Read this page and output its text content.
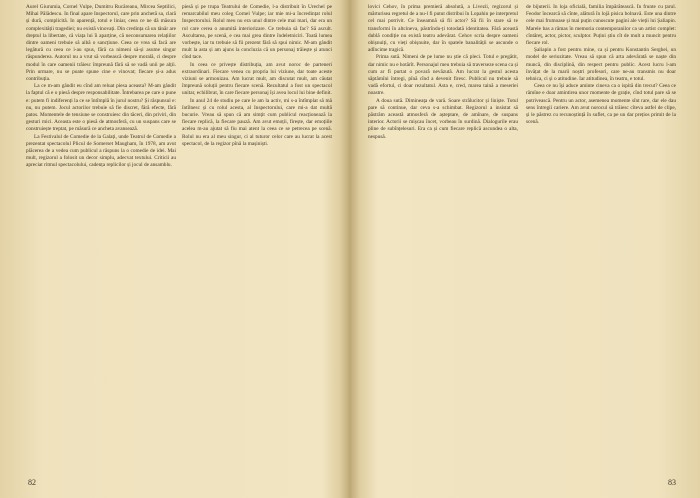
Aurel Giurumia, Cornel Vulpe, Dumitru Rucăreanu, Mircea Septilici, Mihai Pălădescu. In final apare Inspectorul, care prin anchetă sa, clară și dură, complicită. In aparență, totul e liniar, ceea ce ne dă măsura complexității tragediei; nu există vinovați. Din credința că un tânăr are dreptul la libertate, că viața lui îi aparține, că neconsumarea relațiilor dintre oameni trebuie să aibă o sancțiune. Ceea ce vrea să facă are legătură cu ceea ce i-au spus, fără ca nimeni să-și asume singur răspunderea. Autorul nu a vrut să vorbească despre morală, ci despre modul în care oamenii trăiesc împreună fără să se vadă unii pe alții. Prin urmare, nu se poate spune cine e vinovat; fiecare și-a adus contribuția.

La ce m-am gândit eu cînd am reluat piesa aceasta? M-am gândit la faptul că e o piesă despre responsabilitate. Întrebarea pe care o pune e: putem fi indiferenți la ce se întîmplă în jurul nostru? Și răspunsul e: nu, nu putem. Jocul actorilor trebuie să fie discret, fără efecte, fără patos. Momentele de tensiune se construiesc din tăceri, din priviri, din gesturi mici. Aceasta este o piesă de atmosferă, cu un suspans care se construiește treptat, pe măsură ce ancheta avansează.

La Festivalul de Comedie de la Galați, unde Teatrul de Comedie a prezentat spectacolul Plicul de Somerset Maugham, în 1978, am avut plăcerea de a vedea cum publicul a răspuns la o comedie de idei. Mai mult, regizorul a folosit un decor simplu, adecvat textului. Criticii au apreciat ritmul spectacolului, cadența replicilor și jocul de ansamblu.

piesă și pe trupa Teatrului de Comedie, l-a distribuit în Urechel pe remarcabilul meu coleg Cornel Vulpe; iar mie mi-a încredințat rolul Inspectorului. Rolul meu nu era unul dintre cele mai mari, dar era un rol care cerea o anumită interiorizare. Ce trebuia să fac? Să ascult. Ascultarea, pe scenă, e cea mai grea dintre îndeletniciri. Toată lumea vorbește, iar tu trebuie să fii prezent fără să spui nimic. M-am gândit mult la asta și am ajuns la concluzia că un personaj trăiește și atunci cînd tace.

In ceea ce privește distribuția, am avut noroc de parteneri extraordinari. Fiecare venea cu propria lui viziune, dar toate aceste viziuni se armonizau. Am lucrat mult, am discutat mult, am căutat împreună soluții pentru fiecare scenă. Rezultatul a fost un spectacol unitar, echilibrat, în care fiecare personaj își avea locul lui bine definit.

In anul 24 de studiu pe care le am la activ, mi s-a întîmplat să mă întîlnesc și cu rolul acesta, al Inspectorului, care mi-a dat multă bucurie. Vreau să spun că am simțit cum publicul reacționează la fiecare replică, la fiecare pauză. Am avut emoții, firește, dar emoțiile acelea m-au ajutat să fiu mai atent la ceea ce se petrecea pe scenă. Rolul nu era al meu singur, ci al tuturor celor care au lucrat la acest spectacol, de la regizor pînă la mașiniști.

82

lovici Cehov, în prima premieră absolută, a Livezii, regizorul și mărturisea regretul de a nu-l fi putut distribui în Lopahin pe interpretul cel mai potrivit. Ce înseamnă să fii actor? Să fii în stare să te transformi în altcineva, păstrîndu-ți totodată identitatea. Fără această dublă condiție nu există teatru adevărat. Cehov scria despre oameni obișnuiți, cu vieți obișnuite, dar în spatele banalității se ascunde o adîncime tragică.

Prima sută. Nimeni de pe lume nu știe că pleci. Totul e pregătit, dar nimic nu e hotărît. Personajul meu trebuia să traverseze scena ca și cum ar fi purtat o povară nevăzută. Am lucrat la gestul acesta săptămîni întregi, pînă cînd a devenit firesc. Publicul nu trebuie să vadă efortul, ci doar rezultatul. Asta e, cred, marea taină a meseriei noastre.

A doua sută. Dimineața de vară. Soare strălucitor și liniște. Totul pare să continue, dar ceva s-a schimbat. Regizorul a insistat să păstrăm această atmosferă de așteptare, de amînare, de suspans interior. Actorii se mișcau încet, vorbeau în surdină. Dialogurile erau pline de subînțelesuri. Era ca și cum fiecare replică ascundea o alta, nespusă.

de bijuterii. In loja oficială, familia împărătească. În frunte cu țarul. Feodor încearcă să cînte, alătură în lojă pisica bolnavă. Este una dintre cele mai frumoase și mai puțin cunoscute pagini ale vieții lui Șaliapin. Marele bas a rămas în memoria contemporanilor ca un artist complet: cîntăreț, actor, pictor, sculptor. Puțini știu cît de mult a muncit pentru fiecare rol.

Șaliapin a fost pentru mine, ca și pentru Konstantin Serghei, un model de seriozitate. Vreau să spun că arta adevărată se naște din muncă, din disciplină, din respect pentru public. Acest lucru l-am învățat de la marii noștri profesori, care ne-au transmis nu doar tehnica, ci și o atitudine. Iar atitudinea, în teatru, e totul.

Ceea ce nu își aduce aminte cineva ca o ispită din trecut? Ceea ce rămîne e doar amintirea unor momente de grație, cînd totul pare să se potrivească. Pentru un actor, asemenea momente sînt rare, dar ele dau sens întregii cariere. Am avut norocul să trăiesc cîteva astfel de clipe, și le păstrez cu recunoștință în suflet, ca pe un dar prețios primit de la scenă.

83
